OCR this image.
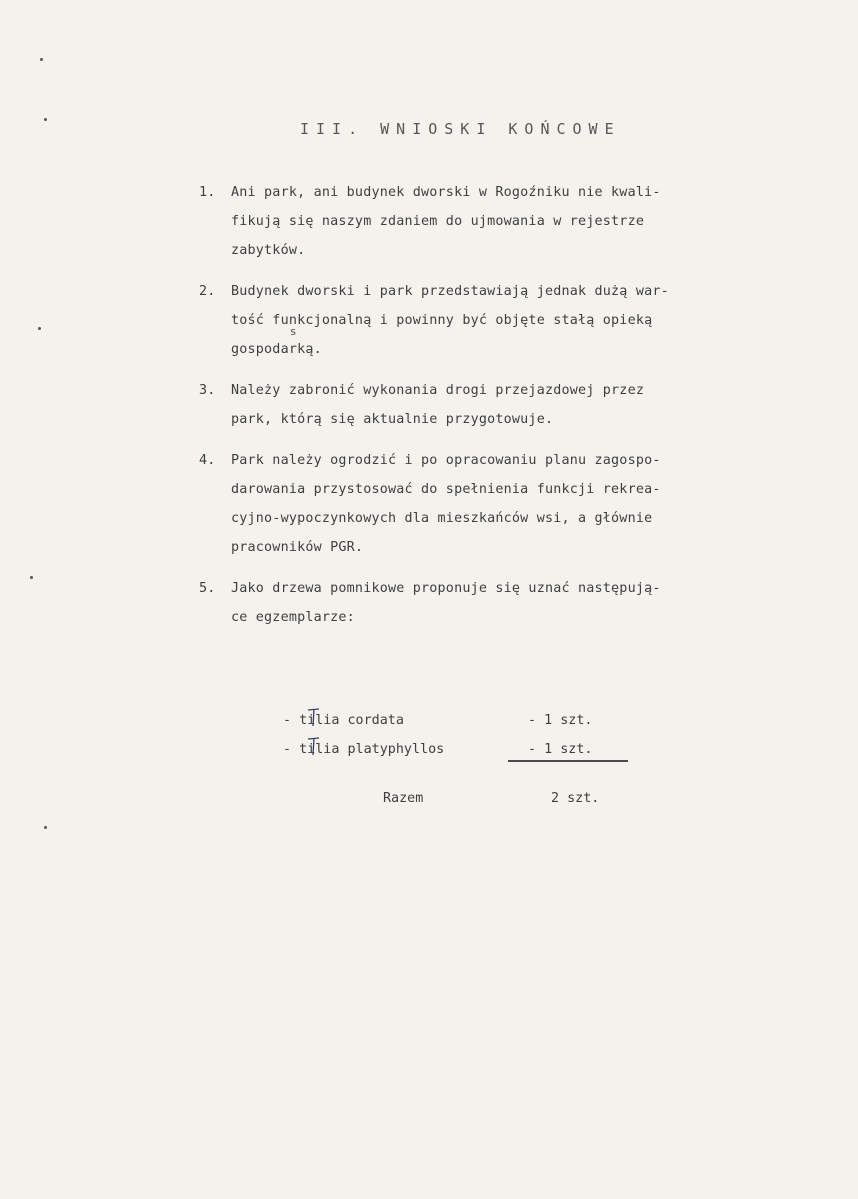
III. WNIOSKI KOŃCOWE
1.	Ani park, ani budynek dworski w Rogoźniku nie kwali-
fikują się naszym zdaniem do ujmowania w rejestrze
zabytków.
2.	Budynek dworski i park przedstawiają jednak dużą war-
tość funkcjonalną i powinny być objęte stałą opieką
gospodar
s
ką.
3.	Należy zabronić wykonania drogi przejazdowej przez
park, którą się aktualnie przygotowuje.
4.	Park należy ogrodzić i po opracowaniu planu zagospo-
darowania przystosować do spełnienia funkcji rekrea-
cyjno-wypoczynkowych dla mieszkańców wsi, a głównie
pracowników PGR.
5.	Jako drzewa pomnikowe proponuje się uznać następują-
ce egzemplarze:
- tilia cordata	- 1 szt.
- tilia platyphyllos	- 1 szt.
Razem	2 szt.
